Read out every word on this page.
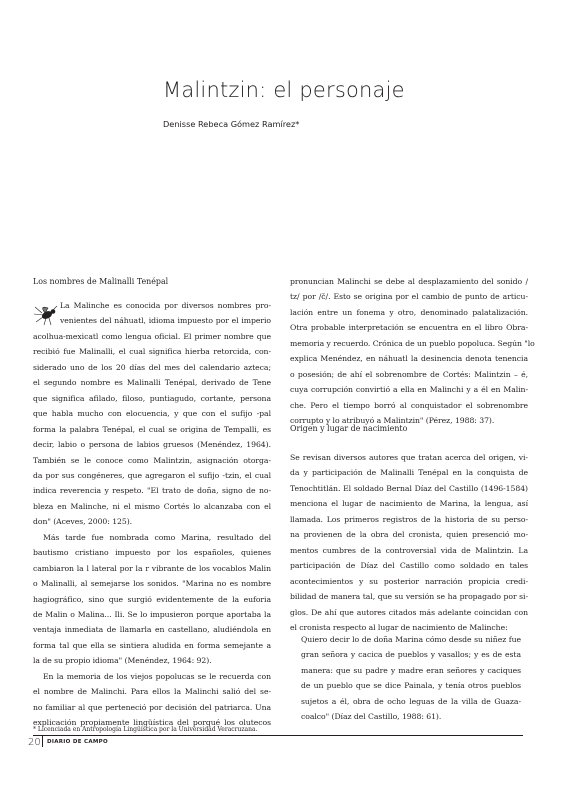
Malintzin: el personaje
Denisse Rebeca Gómez Ramírez*
Los nombres de Malinalli Tenépal
La Malinche es conocida por diversos nombres pro-
venientes del náhuatl, idioma impuesto por el imperio
acolhua-mexicatl como lengua oficial. El primer nombre que
recibió fue Malinalli, el cual significa hierba retorcida, con-
siderado uno de los 20 días del mes del calendario azteca;
el segundo nombre es Malinalli Tenépal, derivado de Tene
que significa afilado, filoso, puntiagudo, cortante, persona
que habla mucho con elocuencia, y que con el sufijo -pal
forma la palabra Tenépal, el cual se origina de Tempalli, es
decir, labio o persona de labios gruesos (Menéndez, 1964).
También se le conoce como Malintzin, asignación otorga-
da por sus congéneres, que agregaron el sufijo -tzin, el cual
indica reverencia y respeto. "El trato de doña, signo de no-
bleza en Malinche, ni el mismo Cortés lo alcanzaba con el
don" (Aceves, 2000: 125).
Más tarde fue nombrada como Marina, resultado del
bautismo cristiano impuesto por los españoles, quienes
cambiaron la l lateral por la r vibrante de los vocablos Malin
o Malinalli, al semejarse los sonidos. "Marina no es nombre
hagiográfico, sino que surgió evidentemente de la euforia
de Malin o Malina... Ili. Se lo impusieron porque aportaba la
ventaja inmediata de llamarla en castellano, aludiéndola en
forma tal que ella se sintiera aludida en forma semejante a
la de su propio idioma" (Menéndez, 1964: 92).
En la memoria de los viejos popolucas se le recuerda con
el nombre de Malinchi. Para ellos la Malinchi salió del se-
no familiar al que perteneció por decisión del patriarca. Una
explicación propiamente lingüística del porqué los olutecos
pronuncian Malinchi se debe al desplazamiento del sonido /
tz/ por /č/. Esto se origina por el cambio de punto de articu-
lación entre un fonema y otro, denominado palatalización.
Otra probable interpretación se encuentra en el libro Obra-
memoria y recuerdo. Crónica de un pueblo popoluca. Según "lo
explica Menéndez, en náhuatl la desinencia denota tenencia
o posesión; de ahí el sobrenombre de Cortés: Malintzin – é,
cuya corrupción convirtió a ella en Malinchi y a él en Malin-
che. Pero el tiempo borró al conquistador el sobrenombre
corrupto y lo atribuyó a Malintzin" (Pérez, 1988: 37).
Origen y lugar de nacimiento
Se revisan diversos autores que tratan acerca del origen, vi-
da y participación de Malinalli Tenépal en la conquista de
Tenochtitlán. El soldado Bernal Díaz del Castillo (1496-1584)
menciona el lugar de nacimiento de Marina, la lengua, así
llamada. Los primeros registros de la historia de su perso-
na provienen de la obra del cronista, quien presenció mo-
mentos cumbres de la controversial vida de Malintzin. La
participación de Díaz del Castillo como soldado en tales
acontecimientos y su posterior narración propicia credi-
bilidad de manera tal, que su versión se ha propagado por si-
glos. De ahí que autores citados más adelante coincidan con
el cronista respecto al lugar de nacimiento de Malinche:
Quiero decir lo de doña Marina cómo desde su niñez fue
gran señora y cacica de pueblos y vasallos; y es de esta
manera: que su padre y madre eran señores y caciques
de un pueblo que se dice Painala, y tenía otros pueblos
sujetos a él, obra de ocho leguas de la villa de Guaza-
coalco" (Díaz del Castillo, 1988: 61).
* Licenciada en Antropología Lingüística por la Universidad Veracruzana.
20 DIARIO DE CAMPO
